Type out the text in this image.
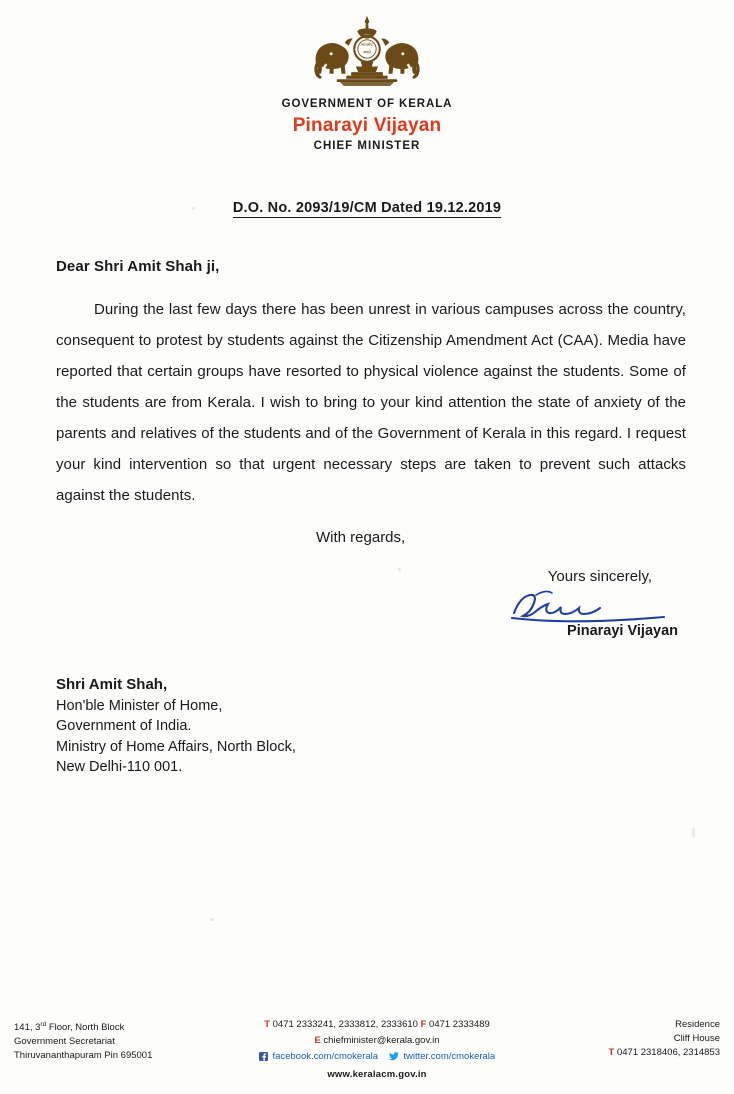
सत्यमेव
जयते
GOVERNMENT OF KERALA
Pinarayi Vijayan
CHIEF MINISTER
D.O. No. 2093/19/CM Dated 19.12.2019
Dear Shri Amit Shah ji,
During the last few days there has been unrest in various campuses across the country, consequent to protest by students against the Citizenship Amendment Act (CAA). Media have reported that certain groups have resorted to physical violence against the students. Some of the students are from Kerala. I wish to bring to your kind attention the state of anxiety of the parents and relatives of the students and of the Government of Kerala in this regard. I request your kind intervention so that urgent necessary steps are taken to prevent such attacks against the students.
With regards,
Yours sincerely,
Pinarayi Vijayan
Shri Amit Shah,
Hon'ble Minister of Home,
Government of India.
Ministry of Home Affairs, North Block,
New Delhi-110 001.
141, 3rd Floor, North Block
Government Secretariat
Thiruvananthapuram Pin 695001
T 0471 2333241, 2333812, 2333610 F 0471 2333489
E chiefminister@kerala.gov.in
facebook.com/cmokerala	twitter.com/cmokerala
www.keralacm.gov.in
Residence
Cliff House
T 0471 2318406, 2314853
